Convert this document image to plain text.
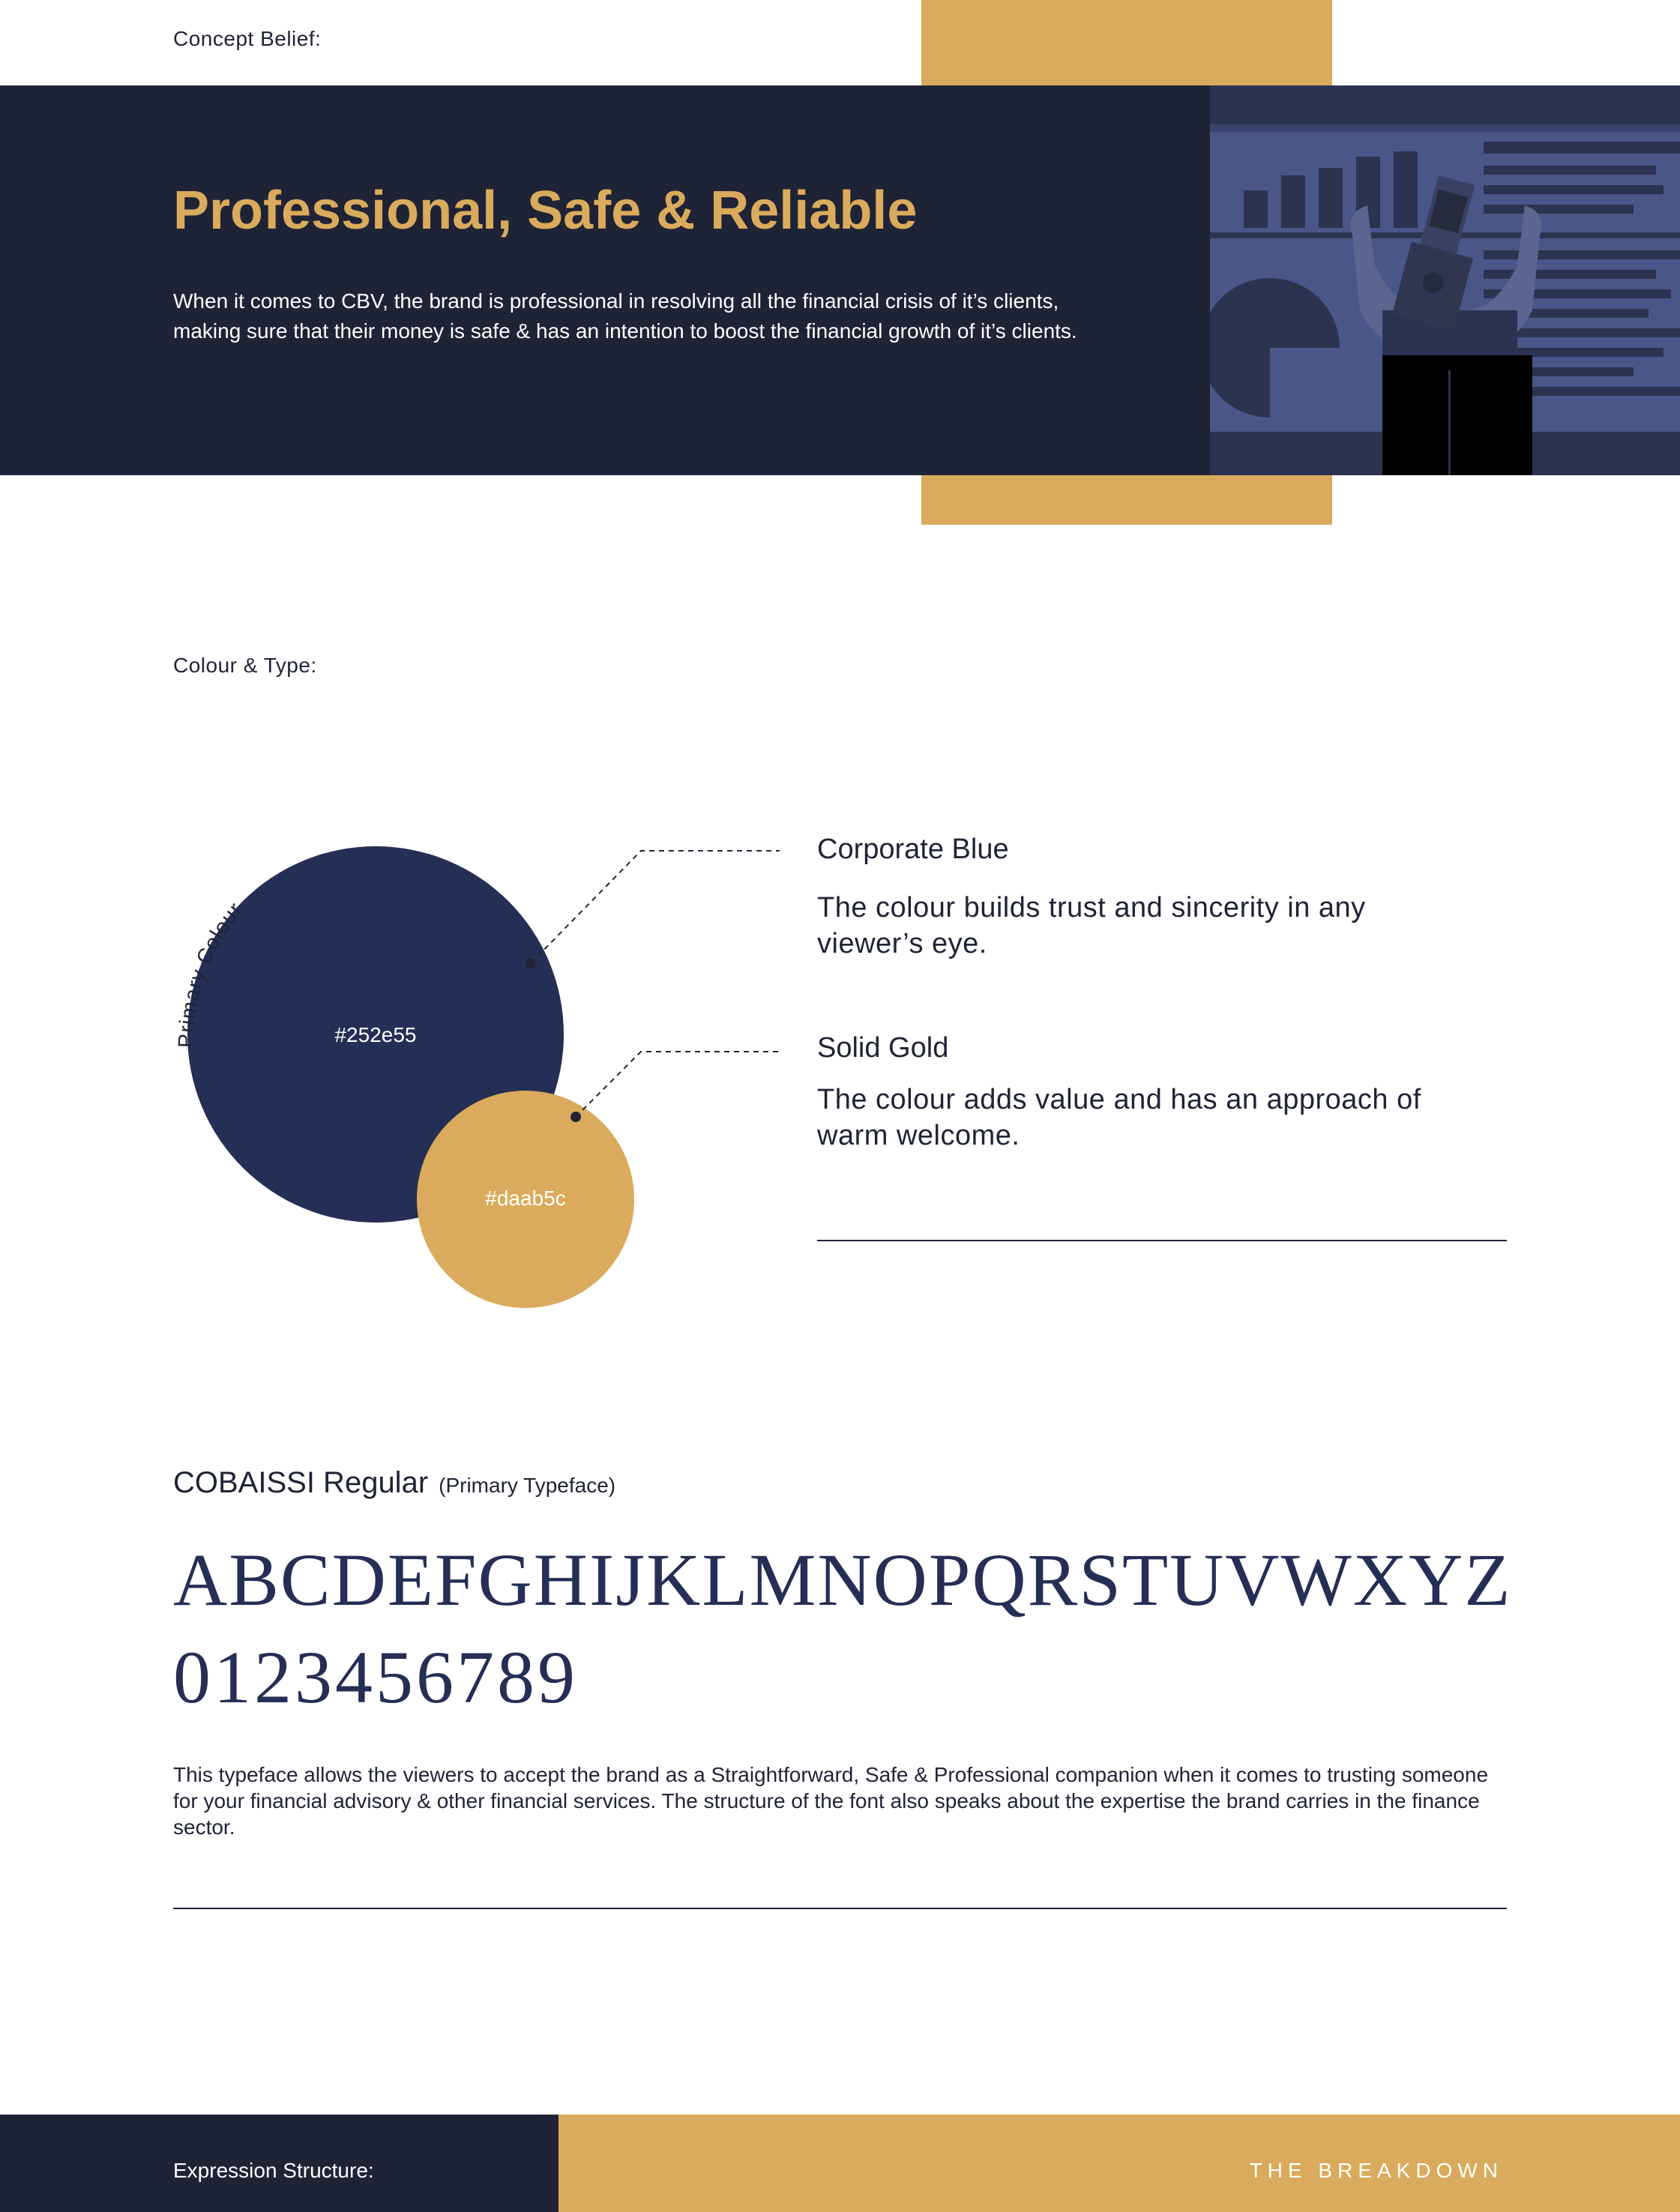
Concept Belief:
Professional, Safe & Reliable
When it comes to CBV, the brand is professional in resolving all the financial crisis of it’s clients, making sure that their money is safe & has an intention to boost the financial growth of it’s clients.
Colour & Type:
#252e55
#daab5c
Primary Colour
Corporate Blue
The colour builds trust and sincerity in any viewer’s eye.
Solid Gold
The colour adds value and has an approach of warm welcome.
COBAISSI Regular (Primary Typeface)
ABCDEFGHIJKLMNOPQRSTUVWXYZ
0123456789
This typeface allows the viewers to accept the brand as a Straightforward, Safe & Professional companion when it comes to trusting someone for your financial advisory & other financial services. The structure of the font also speaks about the expertise the brand carries in the finance sector.
Expression Structure:	THE BREAKDOWN
